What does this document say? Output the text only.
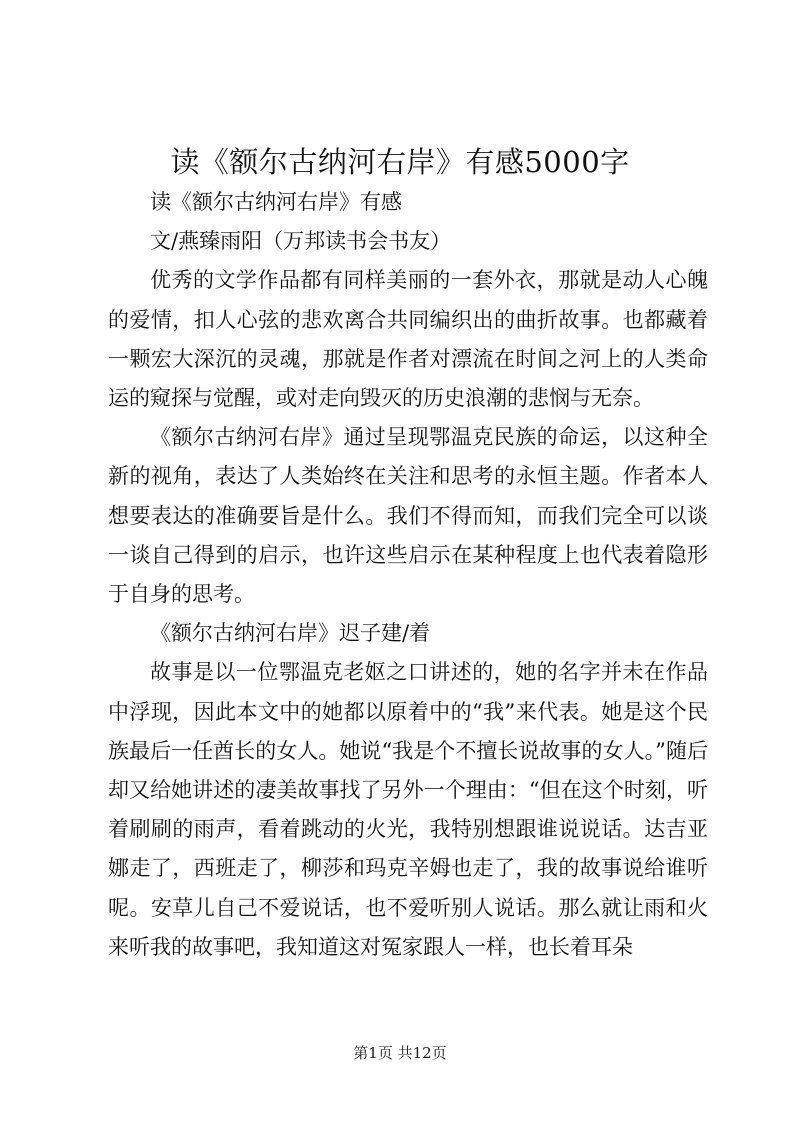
读《额尔古纳河右岸》有感5000字

读《额尔古纳河右岸》有感

文/燕臻雨阳（万邦读书会书友）

优秀的文学作品都有同样美丽的一套外衣，那就是动人心魄的爱情，扣人心弦的悲欢离合共同编织出的曲折故事。也都藏着一颗宏大深沉的灵魂，那就是作者对漂流在时间之河上的人类命运的窥探与觉醒，或对走向毁灭的历史浪潮的悲悯与无奈。

《额尔古纳河右岸》通过呈现鄂温克民族的命运，以这种全新的视角，表达了人类始终在关注和思考的永恒主题。作者本人想要表达的准确要旨是什么。我们不得而知，而我们完全可以谈一谈自己得到的启示，也许这些启示在某种程度上也代表着隐形于自身的思考。

《额尔古纳河右岸》迟子建/着

故事是以一位鄂温克老妪之口讲述的，她的名字并未在作品中浮现，因此本文中的她都以原着中的“我”来代表。她是这个民族最后一任酋长的女人。她说“我是个不擅长说故事的女人。”随后却又给她讲述的凄美故事找了另外一个理由：“但在这个时刻，听着刷刷的雨声，看着跳动的火光，我特别想跟谁说说话。达吉亚娜走了，西班走了，柳莎和玛克辛姆也走了，我的故事说给谁听呢。安草儿自己不爱说话，也不爱听别人说话。那么就让雨和火来听我的故事吧，我知道这对冤家跟人一样，也长着耳朵

第1页 共12页
